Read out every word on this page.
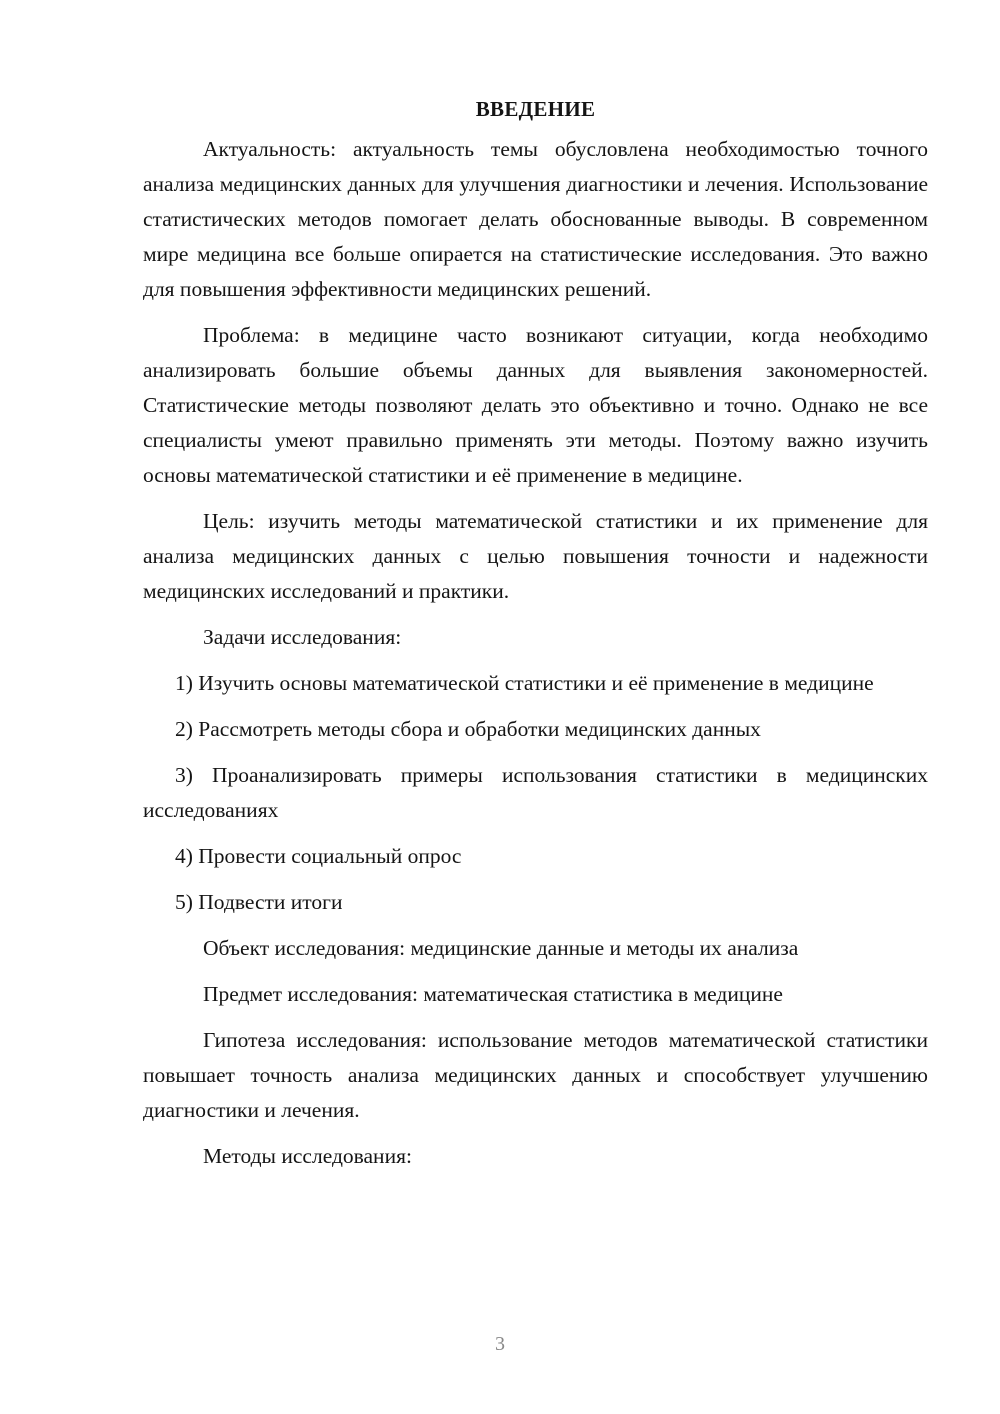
ВВЕДЕНИЕ

Актуальность: актуальность темы обусловлена необходимостью точного анализа медицинских данных для улучшения диагностики и лечения. Использование статистических методов помогает делать обоснованные выводы. В современном мире медицина все больше опирается на статистические исследования. Это важно для повышения эффективности медицинских решений.

Проблема: в медицине часто возникают ситуации, когда необходимо анализировать большие объемы данных для выявления закономерностей. Статистические методы позволяют делать это объективно и точно. Однако не все специалисты умеют правильно применять эти методы. Поэтому важно изучить основы математической статистики и её применение в медицине.

Цель: изучить методы математической статистики и их применение для анализа медицинских данных с целью повышения точности и надежности медицинских исследований и практики.

Задачи исследования:

1) Изучить основы математической статистики и её применение в медицине

2) Рассмотреть методы сбора и обработки медицинских данных

3) Проанализировать примеры использования статистики в медицинских исследованиях

4) Провести социальный опрос

5) Подвести итоги

Объект исследования: медицинские данные и методы их анализа

Предмет исследования: математическая статистика в медицине

Гипотеза исследования: использование методов математической статистики повышает точность анализа медицинских данных и способствует улучшению диагностики и лечения.

Методы исследования:

3
